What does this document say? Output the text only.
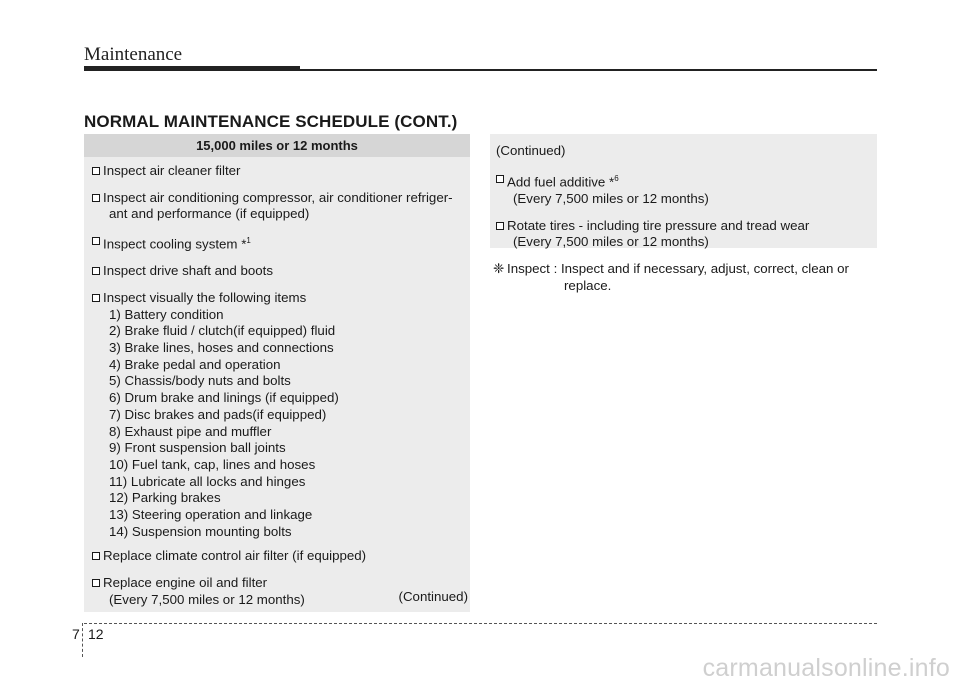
Maintenance
NORMAL MAINTENANCE SCHEDULE (CONT.)
15,000 miles or 12 months
Inspect air cleaner filter
Inspect air conditioning compressor, air conditioner refriger-
ant and performance (if equipped)
Inspect cooling system *$^1$
Inspect drive shaft and boots
Inspect visually the following items
1) Battery condition
2) Brake fluid / clutch(if equipped) fluid
3) Brake lines, hoses and connections
4) Brake pedal and operation
5) Chassis/body nuts and bolts
6) Drum brake and linings (if equipped)
7) Disc brakes and pads(if equipped)
8) Exhaust pipe and muffler
9) Front suspension ball joints
10) Fuel tank, cap, lines and hoses
11) Lubricate all locks and hinges
12) Parking brakes
13) Steering operation and linkage
14) Suspension mounting bolts
Replace climate control air filter (if equipped)
Replace engine oil and filter
(Every 7,500 miles or 12 months)	(Continued)
(Continued)
Add fuel additive *$^6$
(Every 7,500 miles or 12 months)
Rotate tires - including tire pressure and tread wear
(Every 7,500 miles or 12 months)
❈ Inspect : Inspect and if necessary, adjust, correct, clean or
replace.
7 12
carmanualsonline.info
